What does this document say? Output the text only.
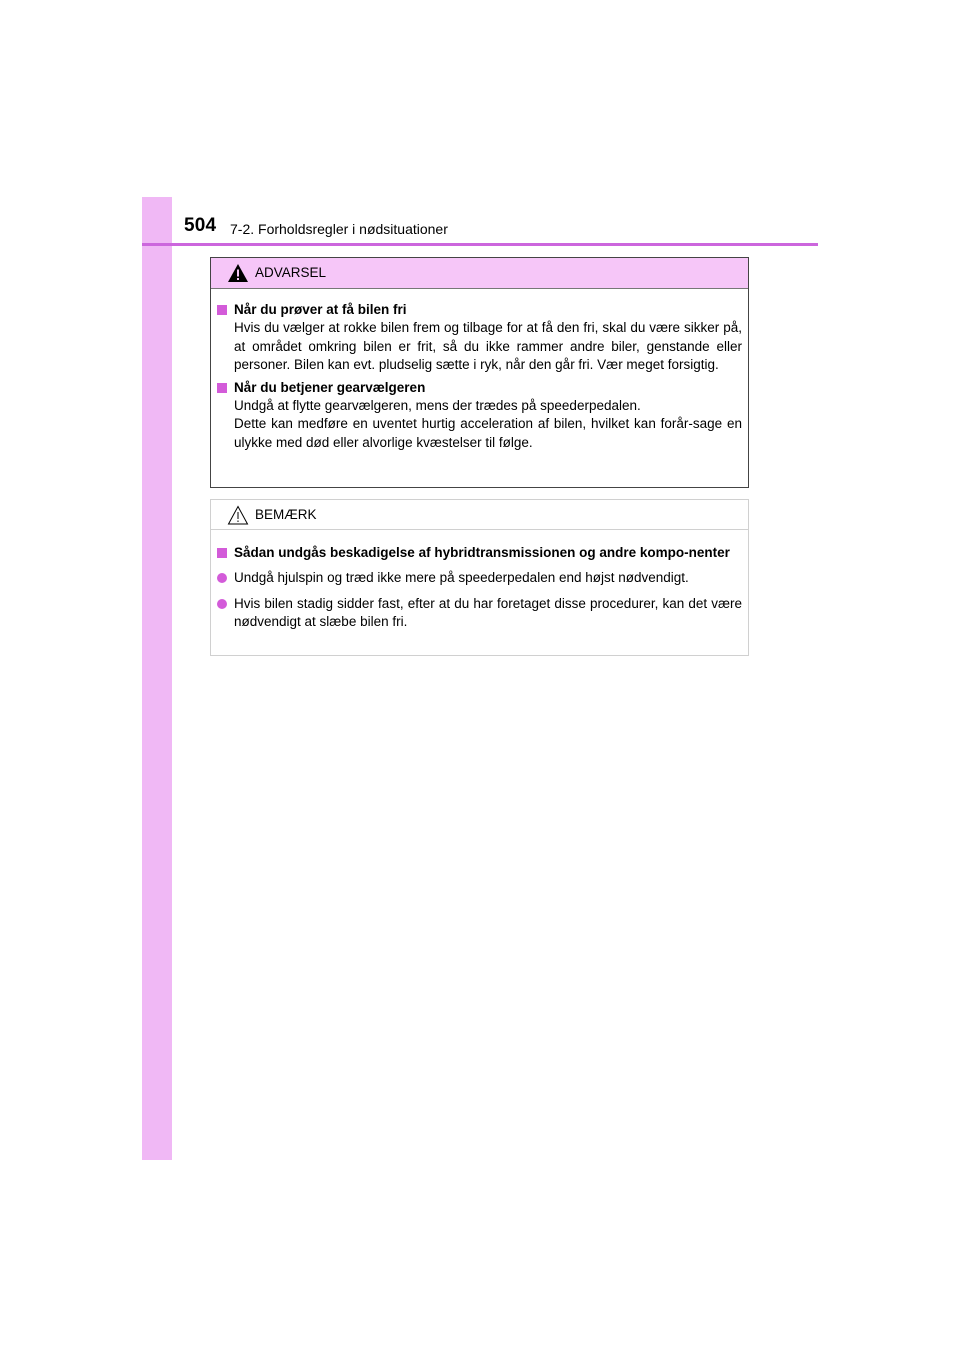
504 7-2. Forholdsregler i nødsituationer
ADVARSEL
Når du prøver at få bilen fri
Hvis du vælger at rokke bilen frem og tilbage for at få den fri, skal du være sikker på, at området omkring bilen er frit, så du ikke rammer andre biler, genstande eller personer. Bilen kan evt. pludselig sætte i ryk, når den går fri. Vær meget forsigtig.
Når du betjener gearvælgeren
Undgå at flytte gearvælgeren, mens der trædes på speederpedalen.
Dette kan medføre en uventet hurtig acceleration af bilen, hvilket kan forår-sage en ulykke med død eller alvorlige kvæstelser til følge.
BEMÆRK
Sådan undgås beskadigelse af hybridtransmissionen og andre kompo-nenter
Undgå hjulspin og træd ikke mere på speederpedalen end højst nødvendigt.
Hvis bilen stadig sidder fast, efter at du har foretaget disse procedurer, kan det være nødvendigt at slæbe bilen fri.
